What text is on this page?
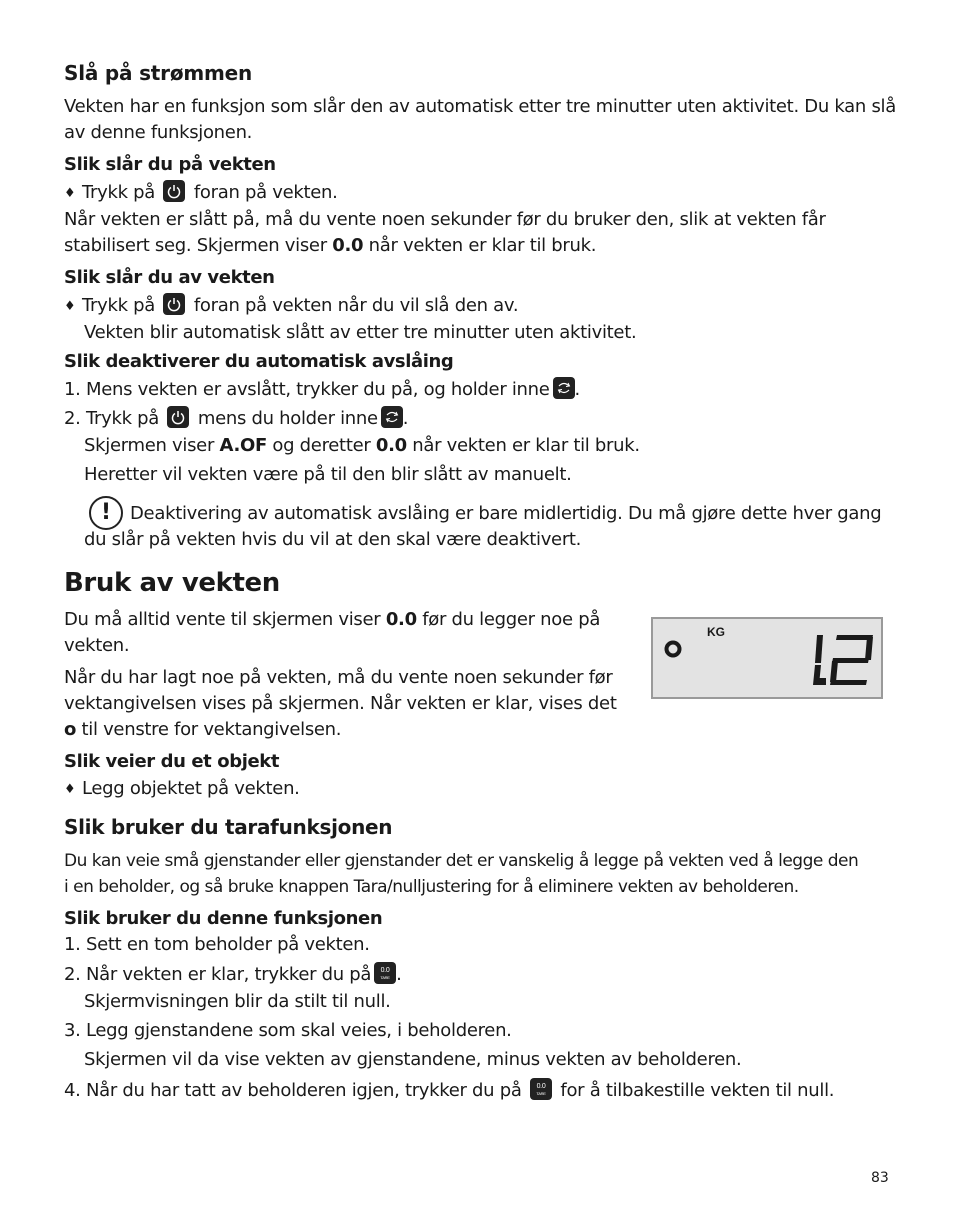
Slå på strømmen
Vekten har en funksjon som slår den av automatisk etter tre minutter uten aktivitet. Du kan slå
av denne funksjonen.
Slik slår du på vekten
♦ Trykk på foran på vekten.
Når vekten er slått på, må du vente noen sekunder før du bruker den, slik at vekten får
stabilisert seg. Skjermen viser 0.0 når vekten er klar til bruk.
Slik slår du av vekten
♦ Trykk på foran på vekten når du vil slå den av.
Vekten blir automatisk slått av etter tre minutter uten aktivitet.
Slik deaktiverer du automatisk avslåing
1. Mens vekten er avslått, trykker du på, og holder inne .
2. Trykk på mens du holder inne .
Skjermen viser A.OF og deretter 0.0 når vekten er klar til bruk.
Heretter vil vekten være på til den blir slått av manuelt.
!	Deaktivering av automatisk avslåing er bare midlertidig. Du må gjøre dette hver gang
du slår på vekten hvis du vil at den skal være deaktivert.
Bruk av vekten
Du må alltid vente til skjermen viser 0.0 før du legger noe på
vekten.
Når du har lagt noe på vekten, må du vente noen sekunder før
vektangivelsen vises på skjermen. Når vekten er klar, vises det
o til venstre for vektangivelsen.
KG
Slik veier du et objekt
♦ Legg objektet på vekten.
Slik bruker du tarafunksjonen
Du kan veie små gjenstander eller gjenstander det er vanskelig å legge på vekten ved å legge den
i en beholder, og så bruke knappen Tara/nulljustering for å eliminere vekten av beholderen.
Slik bruker du denne funksjonen
1. Sett en tom beholder på vekten.
2. Når vekten er klar, trykker du på 0.0
TARE .
Skjermvisningen blir da stilt til null.
3. Legg gjenstandene som skal veies, i beholderen.
Skjermen vil da vise vekten av gjenstandene, minus vekten av beholderen.
4. Når du har tatt av beholderen igjen, trykker du på 0.0
TARE for å tilbakestille vekten til null.
83
